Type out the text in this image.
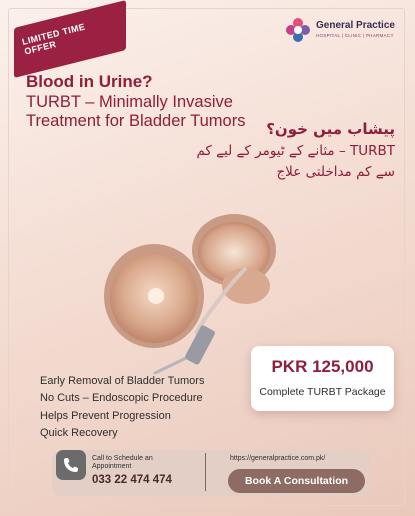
LIMITED TIME OFFER
General Practice
HOSPITAL | CLINIC | PHARMACY
Blood in Urine?
TURBT – Minimally Invasive
Treatment for Bladder Tumors پیشاب میں خون؟
TURBT – مثانے کے ٹیومر کے لیے کم
سے کم مداخلتی علاج
PKR 125,000
Complete TURBT Package
Early Removal of Bladder Tumors
No Cuts – Endoscopic Procedure
Helps Prevent Progression
Quick Recovery
Call to Schedule an Appointment
033 22 474 474
https://generalpractice.com.pk/
Book A Consultation
